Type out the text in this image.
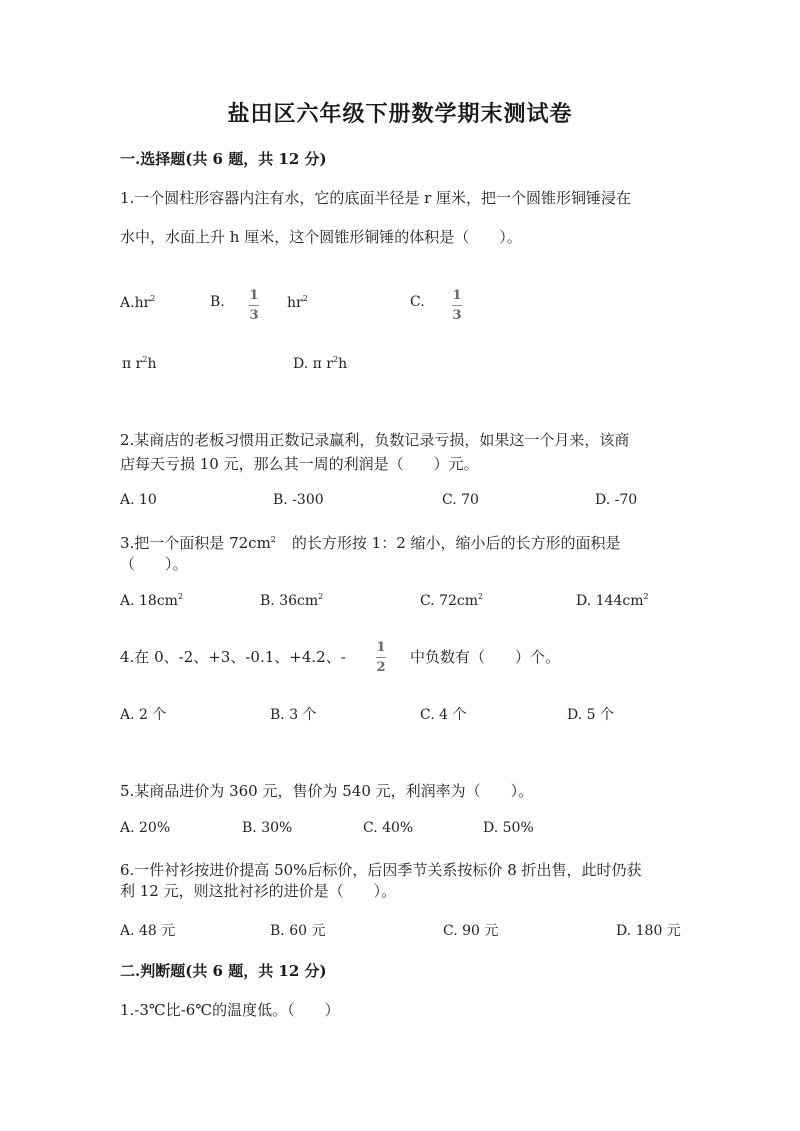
盐田区六年级下册数学期末测试卷
一.选择题(共 6 题，共 12 分)
1.一个圆柱形容器内注有水，它的底面半径是 r 厘米，把一个圆锥形铜锤浸在
水中，水面上升 h 厘米，这个圆锥形铜锤的体积是（　　）。
$A.hr^2$	B. 1
3
$hr^2$	C. 1
3
π $r^2h$	D. π $r^2h$
2.某商店的老板习惯用正数记录赢利，负数记录亏损，如果这一个月来，该商
店每天亏损 10 元，那么其一周的利润是（　　）元。
A. 10	B. -300	C. 70	D. -70
3.把一个面积是 $72cm^2$ 的长方形按 1：2 缩小，缩小后的长方形的面积是
（　　）。
A. $18cm^2$	B. $36cm^2$	C. $72cm^2$	D. $144cm^2$
4.在 0、-2、+3、-0.1、+4.2、-
1
2
中负数有（　　）个。
A. 2 个	B. 3 个	C. 4 个	D. 5 个
5.某商品进价为 360 元，售价为 540 元，利润率为（　　）。
A. 20%	B. 30%	C. 40%	D. 50%
6.一件衬衫按进价提高 50%后标价，后因季节关系按标价 8 折出售，此时仍获
利 12 元，则这批衬衫的进价是（　　）。
A. 48 元	B. 60 元	C. 90 元	D. 180 元
二.判断题(共 6 题，共 12 分)
1.-3℃比-6℃的温度低。（　　）
